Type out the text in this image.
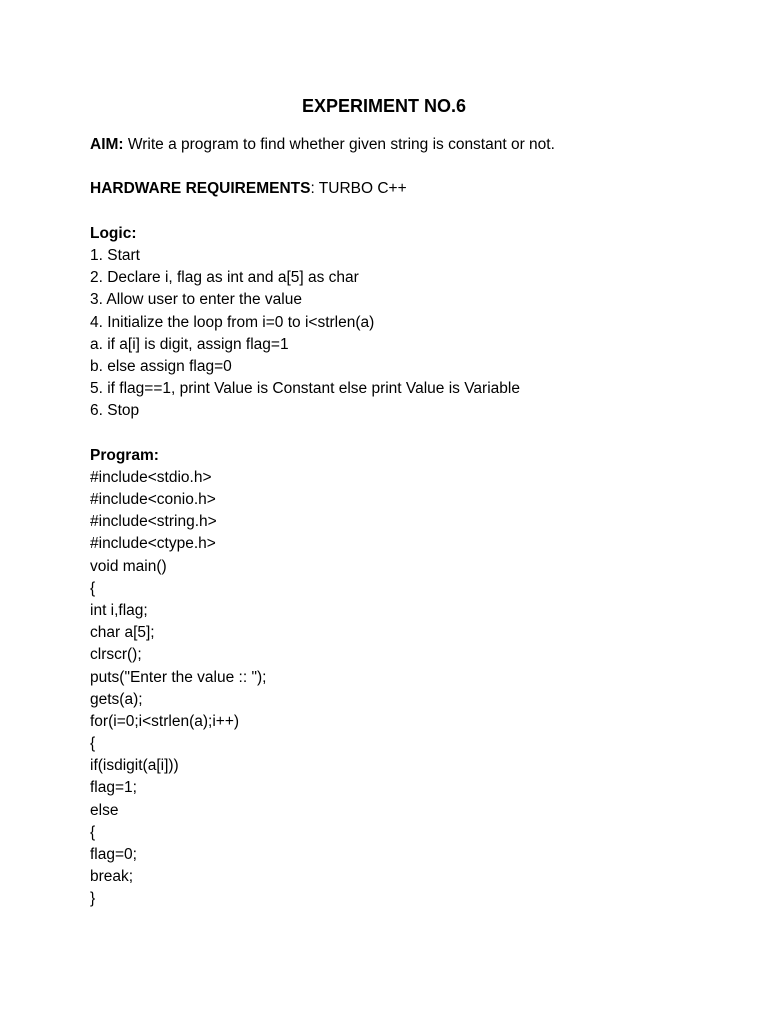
EXPERIMENT NO.6
AIM: Write a program to find whether given string is constant or not.
HARDWARE REQUIREMENTS: TURBO C++
Logic:
1. Start
2. Declare i, flag as int and a[5] as char
3. Allow user to enter the value
4. Initialize the loop from i=0 to i<strlen(a)
a. if a[i] is digit, assign flag=1
b. else assign flag=0
5. if flag==1, print Value is Constant else print Value is Variable
6. Stop
Program:
#include<stdio.h>
#include<conio.h>
#include<string.h>
#include<ctype.h>
void main()
{
int i,flag;
char a[5];
clrscr();
puts("Enter the value :: ");
gets(a);
for(i=0;i<strlen(a);i++)
{
if(isdigit(a[i]))
flag=1;
else
{
flag=0;
break;
}
